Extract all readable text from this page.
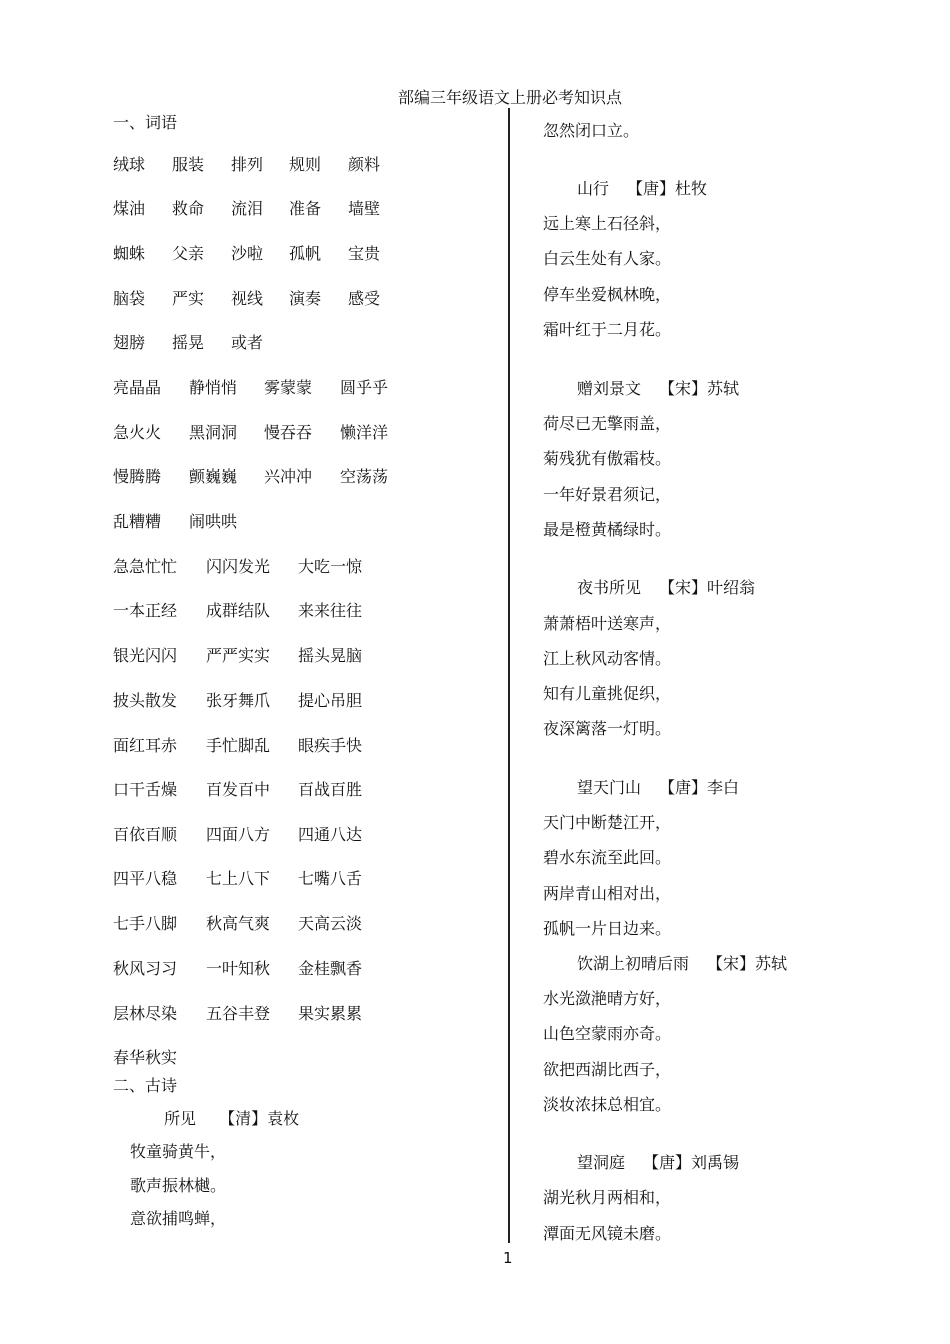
部编三年级语文上册必考知识点
1
一、词语
绒球 服装 排列 规则 颜料
煤油 救命 流泪 准备 墙壁
蜘蛛 父亲 沙啦 孤帆 宝贵
脑袋 严实 视线 演奏 感受
翅膀 摇晃 或者
亮晶晶 静悄悄 雾蒙蒙 圆乎乎
急火火 黑洞洞 慢吞吞 懒洋洋
慢腾腾 颤巍巍 兴冲冲 空荡荡
乱糟糟 闹哄哄
急急忙忙 闪闪发光 大吃一惊
一本正经 成群结队 来来往往
银光闪闪 严严实实 摇头晃脑
披头散发 张牙舞爪 提心吊胆
面红耳赤 手忙脚乱 眼疾手快
口干舌燥 百发百中 百战百胜
百依百顺 四面八方 四通八达
四平八稳 七上八下 七嘴八舌
七手八脚 秋高气爽 天高云淡
秋风习习 一叶知秋 金桂飘香
层林尽染 五谷丰登 果实累累
春华秋实
二、古诗
所见 【清】袁枚
牧童骑黄牛，
歌声振林樾。
意欲捕鸣蝉，
忽然闭口立。
山行 【唐】杜牧
远上寒上石径斜，
白云生处有人家。
停车坐爱枫林晚，
霜叶红于二月花。
赠刘景文 【宋】苏轼
荷尽已无擎雨盖，
菊残犹有傲霜枝。
一年好景君须记，
最是橙黄橘绿时。
夜书所见 【宋】叶绍翁
萧萧梧叶送寒声，
江上秋风动客情。
知有儿童挑促织，
夜深篱落一灯明。
望天门山 【唐】李白
天门中断楚江开，
碧水东流至此回。
两岸青山相对出，
孤帆一片日边来。
饮湖上初晴后雨 【宋】苏轼
水光潋滟晴方好，
山色空蒙雨亦奇。
欲把西湖比西子，
淡妆浓抹总相宜。
望洞庭 【唐】刘禹锡
湖光秋月两相和，
潭面无风镜未磨。
